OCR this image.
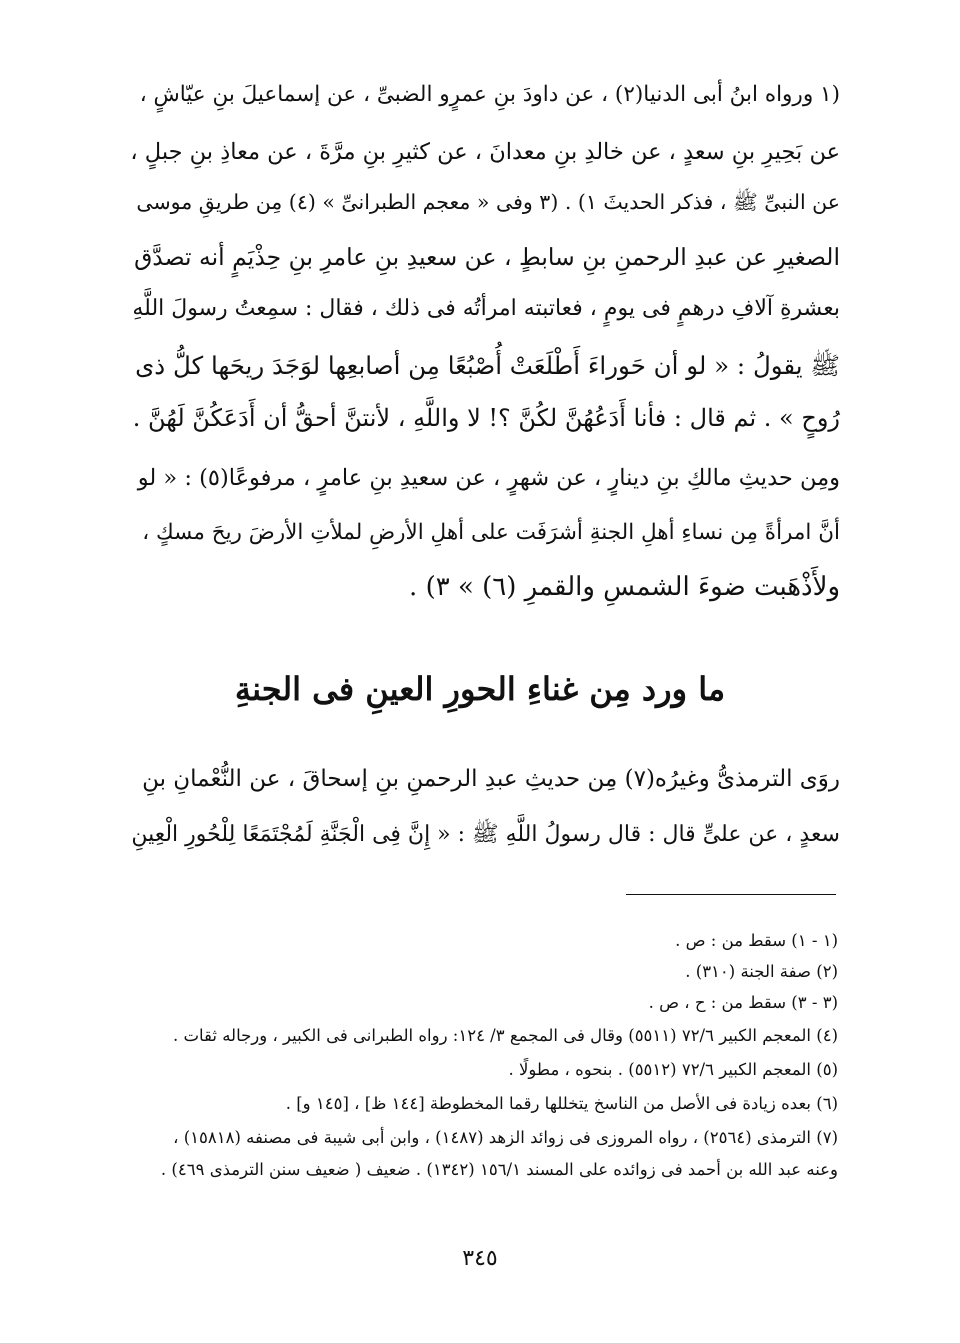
(١ ورواه ابنُ أبى الدنيا(٢) ، عن داودَ بنِ عمرٍو الضبىِّ ، عن إسماعيلَ بنِ عيّاشٍ ،
عن بَحِيرِ بنِ سعدٍ ، عن خالدِ بنِ معدانَ ، عن كثيرِ بنِ مرَّةَ ، عن معاذِ بنِ جبلٍ ،
عن النبىِّ ﷺ ، فذكر الحديثَ ١) . (٣ وفى « معجم الطبرانىِّ » (٤) مِن طريقِ موسى
الصغيرِ عن عبدِ الرحمنِ بنِ سابطٍ ، عن سعيدِ بنِ عامرِ بنِ حِذْيَمٍ أنه تصدَّق
بعشرةِ آلافِ درهمٍ فى يومٍ ، فعاتبته امرأتُه فى ذلك ، فقال : سمِعتُ رسولَ اللَّهِ
ﷺ يقولُ : « لو أن حَوراءَ أَطْلَعَتْ أُصْبُعًا مِن أصابعِها لوَجَدَ ريحَها كلُّ ذى
رُوحٍ » . ثم قال : فأنا أَدَعُهُنَّ لكُنَّ ؟! لا واللَّهِ ، لأنتنَّ أحقُّ أن أَدَعَكُنَّ لَهُنَّ .
ومِن حديثِ مالكِ بنِ دينارٍ ، عن شهرٍ ، عن سعيدِ بنِ عامرٍ ، مرفوعًا(٥) : « لو
أنَّ امرأةً مِن نساءِ أهلِ الجنةِ أشرَفَت على أهلِ الأرضِ لملأتِ الأرضَ ريحَ مسكٍ ،
ولأَذْهَبت ضوءَ الشمسِ والقمرِ (٦) » ٣) .
ما ورد مِن غناءِ الحورِ العينِ فى الجنةِ
روَى الترمذىُّ وغيرُه(٧) مِن حديثِ عبدِ الرحمنِ بنِ إسحاقَ ، عن النُّعْمانِ بنِ
سعدٍ ، عن علىٍّ قال : قال رسولُ اللَّهِ ﷺ : « إِنَّ فِى الْجَنَّةِ لَمُجْتَمَعًا لِلْحُورِ الْعِينِ
(١ - ١) سقط من : ص .
(٢) صفة الجنة (٣١٠) .
(٣ - ٣) سقط من : ح ، ص .
(٤) المعجم الكبير ٧٢/٦ (٥٥١١) وقال فى المجمع ٣/ ١٢٤: رواه الطبرانى فى الكبير ، ورجاله ثقات .
(٥) المعجم الكبير ٧٢/٦ (٥٥١٢) . بنحوه ، مطولًا .
(٦) بعده زيادة فى الأصل من الناسخ يتخللها رقما المخطوطة [١٤٤ ظ] ، [١٤٥ و] .
(٧) الترمذى (٢٥٦٤) ، رواه المروزى فى زوائد الزهد (١٤٨٧) ، وابن أبى شيبة فى مصنفه (١٥٨١٨) ،
وعنه عبد الله بن أحمد فى زوائده على المسند ١٥٦/١ (١٣٤٢) . ضعيف ( ضعيف سنن الترمذى ٤٦٩) .
٣٤٥
